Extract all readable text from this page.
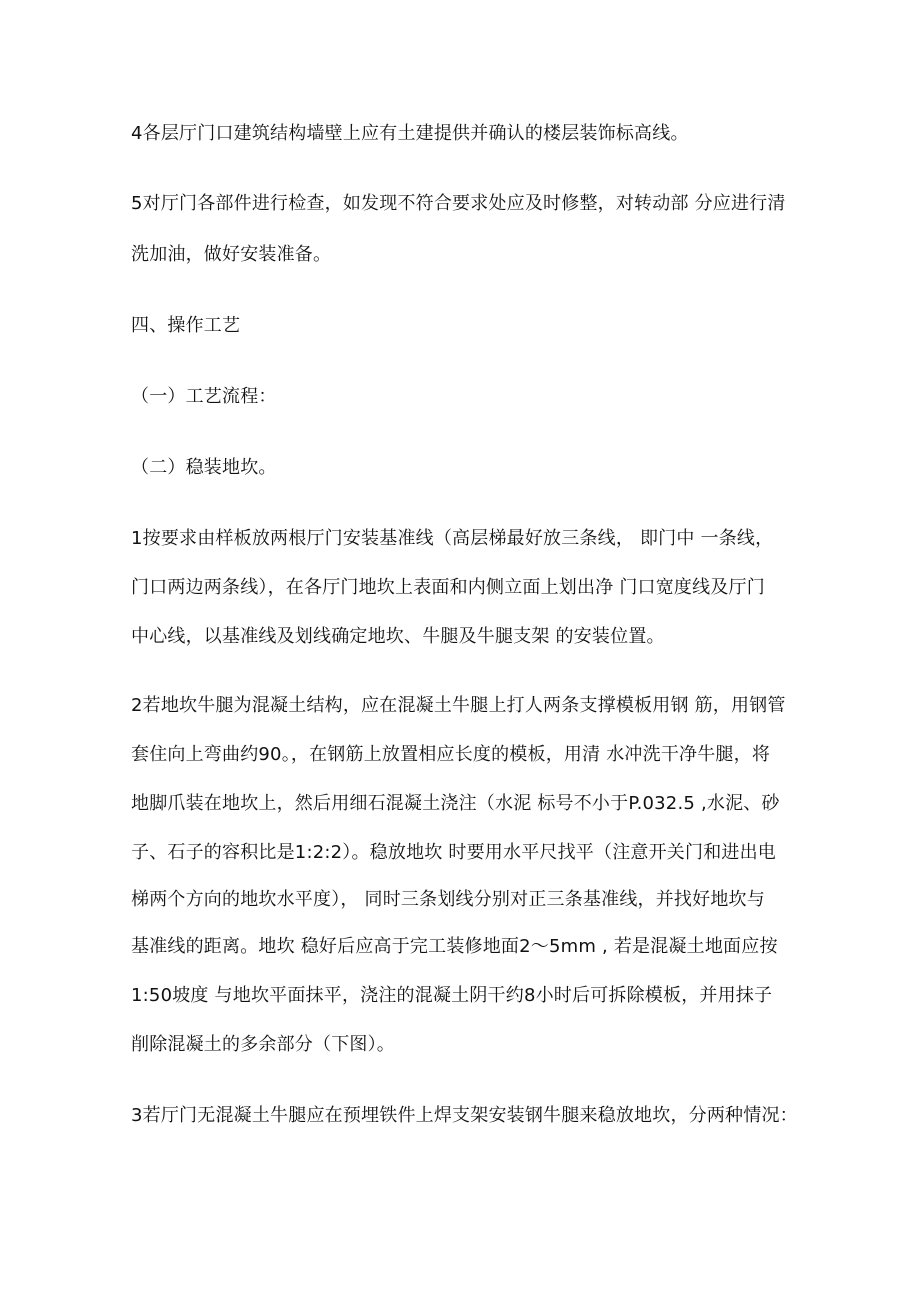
4各层厅门口建筑结构墙壁上应有土建提供并确认的楼层装饰标高线。
5对厅门各部件进行检查，如发现不符合要求处应及时修整，对转动部 分应进行清
洗加油，做好安装准备。
四、操作工艺
（一）工艺流程：
（二）稳装地坎。
1按要求由样板放两根厅门安装基准线（高层梯最好放三条线， 即门中 一条线，
门口两边两条线），在各厅门地坎上表面和内侧立面上划出净 门口宽度线及厅门
中心线，以基准线及划线确定地坎、牛腿及牛腿支架 的安装位置。
2若地坎牛腿为混凝土结构，应在混凝土牛腿上打人两条支撑模板用钢 筋，用钢管
套住向上弯曲约90。，在钢筋上放置相应长度的模板，用清 水冲洗干净牛腿，将
地脚爪装在地坎上，然后用细石混凝土浇注（水泥 标号不小于P.032.5 ,水泥、砂
子、石子的容积比是1:2:2）。稳放地坎 时要用水平尺找平（注意开关门和进出电
梯两个方向的地坎水平度）， 同时三条划线分别对正三条基准线，并找好地坎与
基准线的距离。地坎 稳好后应高于完工装修地面2～5mm , 若是混凝土地面应按
1:50坡度 与地坎平面抹平，浇注的混凝土阴干约8小时后可拆除模板，并用抹子
削除混凝土的多余部分（下图）。
3若厅门无混凝土牛腿应在预埋铁件上焊支架安装钢牛腿来稳放地坎，分两种情况：
